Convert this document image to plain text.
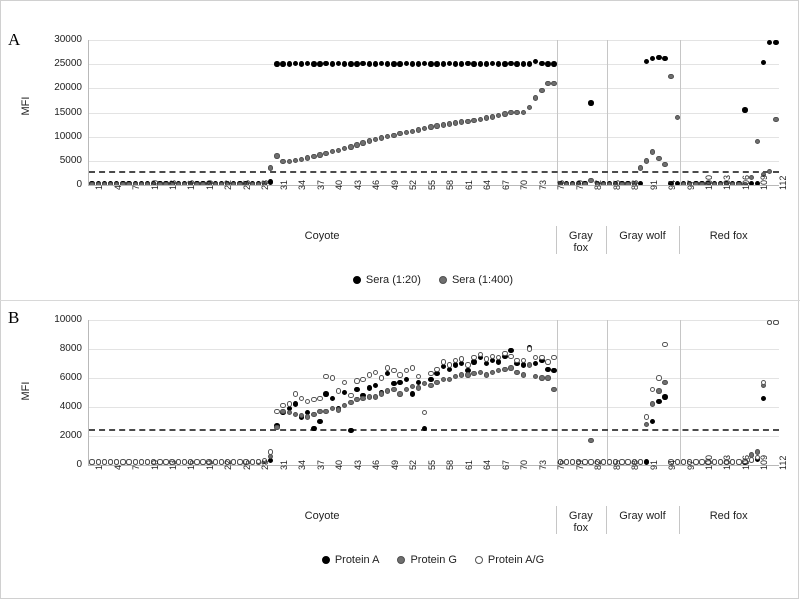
A
MFI
1 4 7 10 13 16 19 22 25 28 31 34 37 40 43 46 49 52 55 58 61 64 67 70 73 76 79 82 85 88 91 94 97 100 103 106 109 112
Coyote	Gray
fox
Gray wolf	Red fox
Sera (1:20)	Sera (1:400)
B
MFI
1 4 7 10 13 16 19 22 25 28 31 34 37 40 43 46 49 52 55 58 61 64 67 70 73 76 79 82 85 88 91 94 97 100 103 106 109 112
Coyote	Gray
fox
Gray wolf	Red fox
Protein A	Protein G	Protein A/G
0
5000
10000
15000
20000
25000
30000
0
2000
4000
6000
8000
10000
